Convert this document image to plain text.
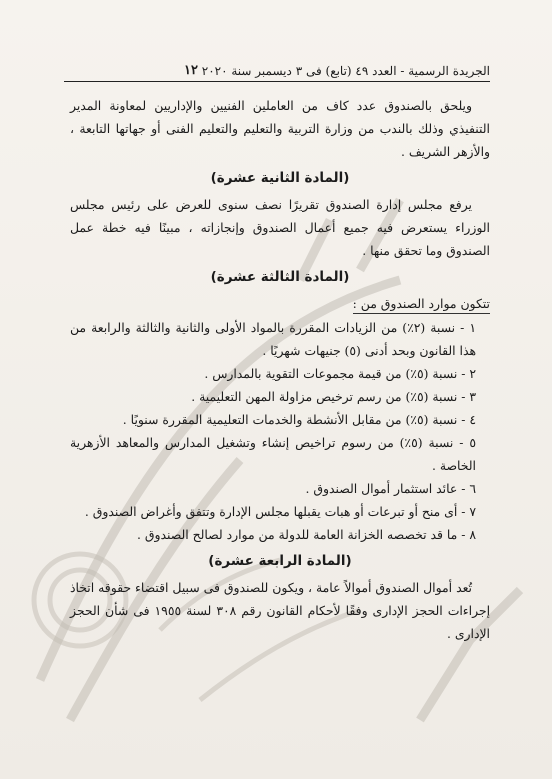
الجريدة الرسمية - العدد ٤٩ (تابع) فى ٣ ديسمبر سنة ٢٠٢٠
١٢

ويلحق بالصندوق عدد كاف من العاملين الفنيين والإداريين لمعاونة المدير التنفيذي وذلك بالندب من وزارة التربية والتعليم والتعليم الفنى أو جهاتها التابعة ، والأزهر الشريف .

(المادة الثانية عشرة)

يرفع مجلس إدارة الصندوق تقريرًا نصف سنوى للعرض على رئيس مجلس الوزراء يستعرض فيه جميع أعمال الصندوق وإنجازاته ، مبينًا فيه خطة عمل الصندوق وما تحقق منها .

(المادة الثالثة عشرة)
تتكون موارد الصندوق من :

١ - نسبة (٢٪) من الزيادات المقررة بالمواد الأولى والثانية والثالثة والرابعة من هذا القانون وبحد أدنى (٥) جنيهات شهريًا .

٢ - نسبة (٥٪) من قيمة مجموعات التقوية بالمدارس .

٣ - نسبة (٥٪) من رسم ترخيص مزاولة المهن التعليمية .

٤ - نسبة (٥٪) من مقابل الأنشطة والخدمات التعليمية المقررة سنويًا .

٥ - نسبة (٥٪) من رسوم تراخيص إنشاء وتشغيل المدارس والمعاهد الأزهرية الخاصة .

٦ - عائد استثمار أموال الصندوق .

٧ - أى منح أو تبرعات أو هبات يقبلها مجلس الإدارة وتتفق وأغراض الصندوق .

٨ - ما قد تخصصه الخزانة العامة للدولة من موارد لصالح الصندوق .

(المادة الرابعة عشرة)

تُعد أموال الصندوق أموالاً عامة ، ويكون للصندوق فى سبيل اقتضاء حقوقه اتخاذ إجراءات الحجز الإدارى وفقًا لأحكام القانون رقم ٣٠٨ لسنة ١٩٥٥ فى شأن الحجز الإدارى .
